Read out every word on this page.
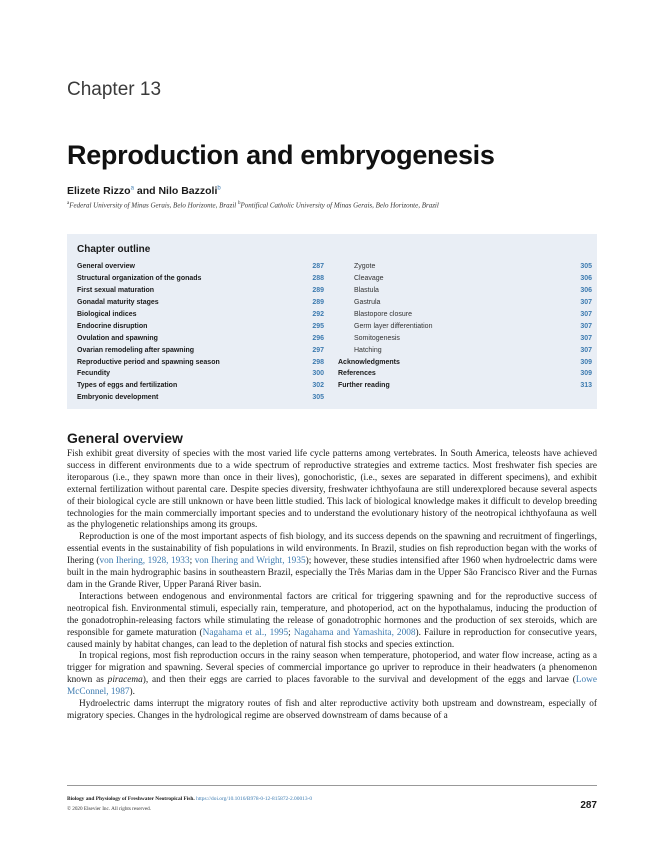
Chapter 13
Reproduction and embryogenesis
Elizete Rizzo$^a$ and Nilo Bazzoli$^b$
$^a$Federal University of Minas Gerais, Belo Horizonte, Brazil $^b$Pontifical Catholic University of Minas Gerais, Belo Horizonte, Brazil
Chapter outline
General overview	287
Structural organization of the gonads	288
First sexual maturation	289
Gonadal maturity stages	289
Biological indices	292
Endocrine disruption	295
Ovulation and spawning	296
Ovarian remodeling after spawning	297
Reproductive period and spawning season	298
Fecundity	300
Types of eggs and fertilization	302
Embryonic development	305
Zygote	305
Cleavage	306
Blastula	306
Gastrula	307
Blastopore closure	307
Germ layer differentiation	307
Somitogenesis	307
Hatching	307
Acknowledgments	309
References	309
Further reading	313
General overview

Fish exhibit great diversity of species with the most varied life cycle patterns among vertebrates. In South America, teleosts have achieved success in different environments due to a wide spectrum of reproductive strategies and extreme tactics. Most freshwater fish species are iteroparous (i.e., they spawn more than once in their lives), gonochoristic, (i.e., sexes are separated in different specimens), and exhibit external fertilization without parental care. Despite species diversity, freshwater ichthyofauna are still underexplored because several aspects of their biological cycle are still unknown or have been little studied. This lack of biological knowledge makes it difficult to develop breeding technologies for the main commercially important species and to understand the evolutionary history of the neotropical ichthyofauna as well as the phylogenetic relationships among its groups.

Reproduction is one of the most important aspects of fish biology, and its success depends on the spawning and recruitment of fingerlings, essential events in the sustainability of fish populations in wild environments. In Brazil, studies on fish reproduction began with the works of Ihering (von Ihering, 1928, 1933; von Ihering and Wright, 1935); however, these studies intensified after 1960 when hydroelectric dams were built in the main hydrographic basins in southeastern Brazil, especially the Três Marias dam in the Upper São Francisco River and the Furnas dam in the Grande River, Upper Paraná River basin.

Interactions between endogenous and environmental factors are critical for triggering spawning and for the reproductive success of neotropical fish. Environmental stimuli, especially rain, temperature, and photoperiod, act on the hypothalamus, inducing the production of the gonadotrophin-releasing factors while stimulating the release of gonadotrophic hormones and the production of sex steroids, which are responsible for gamete maturation (Nagahama et al., 1995; Nagahama and Yamashita, 2008). Failure in reproduction for consecutive years, caused mainly by habitat changes, can lead to the depletion of natural fish stocks and species extinction.

In tropical regions, most fish reproduction occurs in the rainy season when temperature, photoperiod, and water flow increase, acting as a trigger for migration and spawning. Several species of commercial importance go upriver to reproduce in their headwaters (a phenomenon known as piracema), and then their eggs are carried to places favorable to the survival and development of the eggs and larvae (Lowe McConnel, 1987).

Hydroelectric dams interrupt the migratory routes of fish and alter reproductive activity both upstream and downstream, especially of migratory species. Changes in the hydrological regime are observed downstream of dams because of a

Biology and Physiology of Freshwater Neotropical Fish. https://doi.org/10.1016/B978-0-12-815872-2.00013-0
© 2020 Elsevier Inc. All rights reserved.	287
